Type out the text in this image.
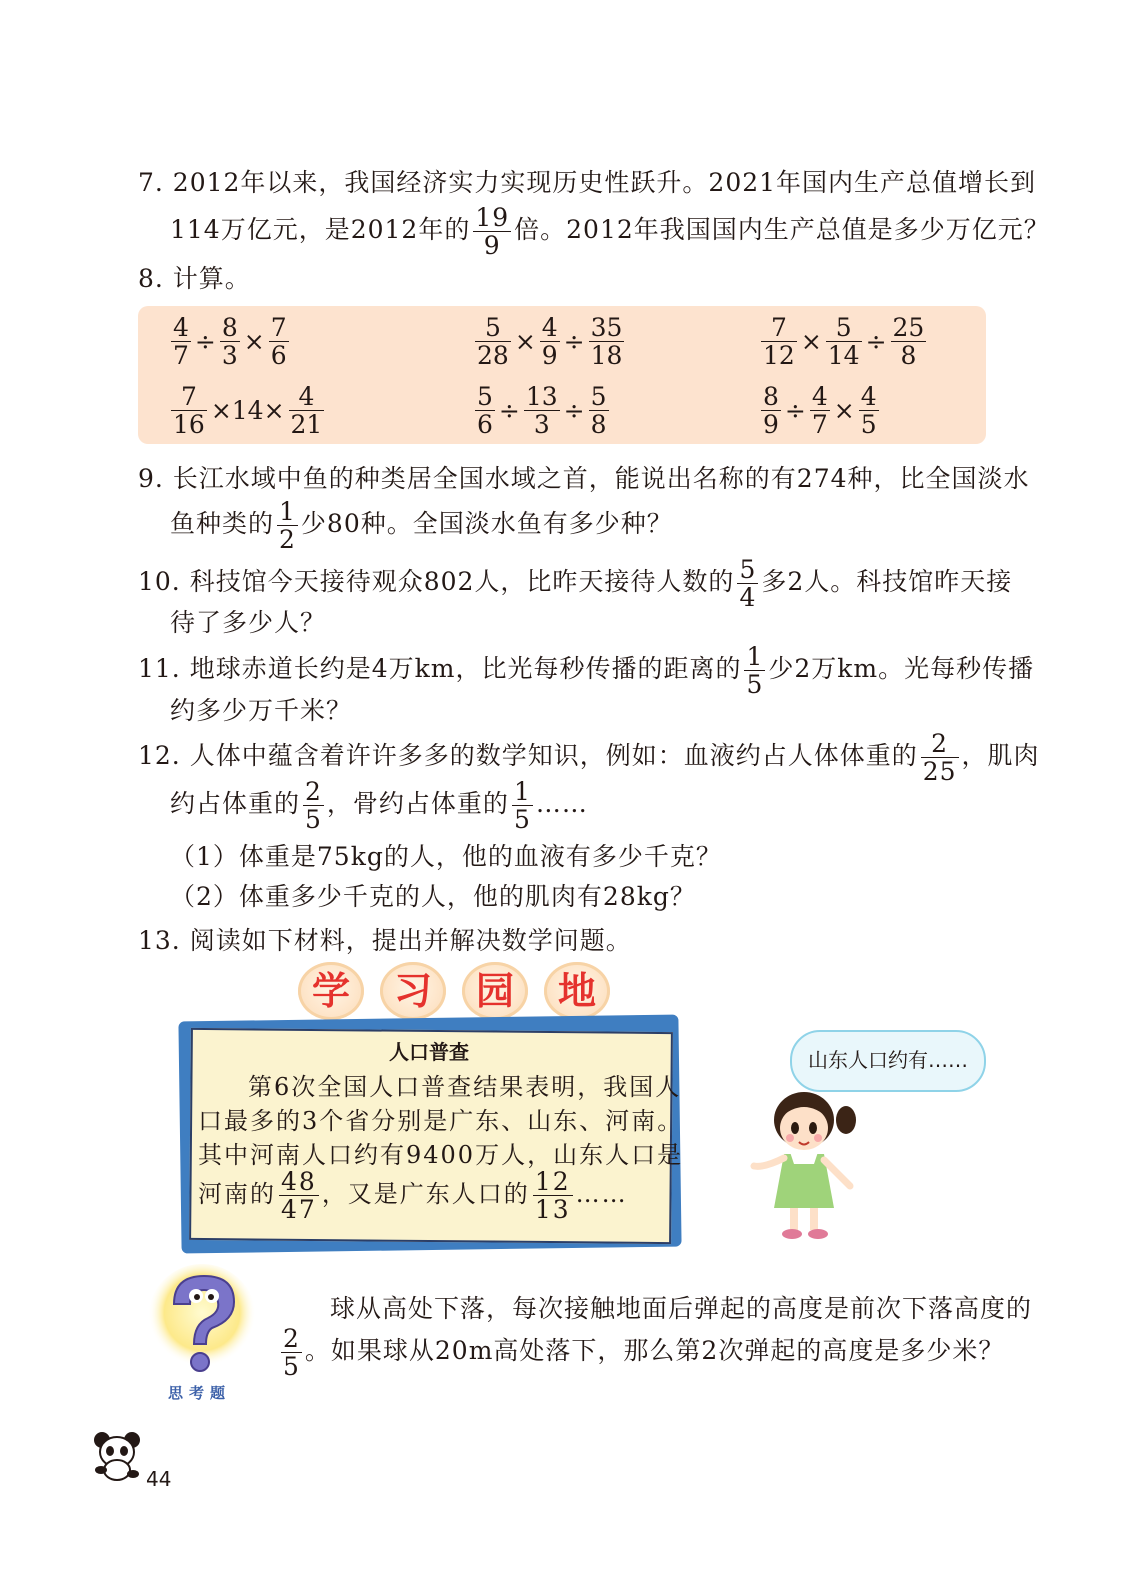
7. 2012年以来，我国经济实力实现历史性跃升。2021年国内生产总值增长到
114万亿元，是2012年的 $\frac{19}{9}$ 倍。2012年我国国内生产总值是多少万亿元？
8. 计算。
$\frac{4}{7} \div \frac{8}{3} \times \frac{7}{6}$	$\frac{5}{28} \times \frac{4}{9} \div \frac{35}{18}$	$\frac{7}{12} \times \frac{5}{14} \div \frac{25}{8}$
$\frac{7}{16} \times 14\times \frac{4}{21}$	$\frac{5}{6} \div \frac{13}{3} \div \frac{5}{8}$	$\frac{8}{9} \div \frac{4}{7} \times \frac{4}{5}$
9. 长江水域中鱼的种类居全国水域之首，能说出名称的有274种，比全国淡水
鱼种类的 $\frac{1}{2}$ 少80种。全国淡水鱼有多少种？
10. 科技馆今天接待观众802人，比昨天接待人数的 $\frac{5}{4}$ 多2人。科技馆昨天接
待了多少人？
11. 地球赤道长约是4万km，比光每秒传播的距离的 $\frac{1}{5}$ 少2万km。光每秒传播
约多少万千米？
12. 人体中蕴含着许许多多的数学知识，例如：血液约占人体体重的 $\frac{2}{25}$ ，肌肉
约占体重的 $\frac{2}{5}$ ，骨约占体重的 $\frac{1}{5}$ ……
（1）体重是75kg的人，他的血液有多少千克？
（2）体重多少千克的人，他的肌肉有28kg？
13. 阅读如下材料，提出并解决数学问题。
学	习	园	地
人口普查
第6次全国人口普查结果表明，我国人
口最多的3个省分别是广东、山东、河南。
其中河南人口约有9400万人，山东人口是
河南的 $\frac{48}{47}$ ，又是广东人口的 $\frac{12}{13}$ ……
山东人口约有……
思考题
球从高处下落，每次接触地面后弹起的高度是前次下落高度的
$\frac{2}{5}$ 。如果球从20m高处落下，那么第2次弹起的高度是多少米？
44
